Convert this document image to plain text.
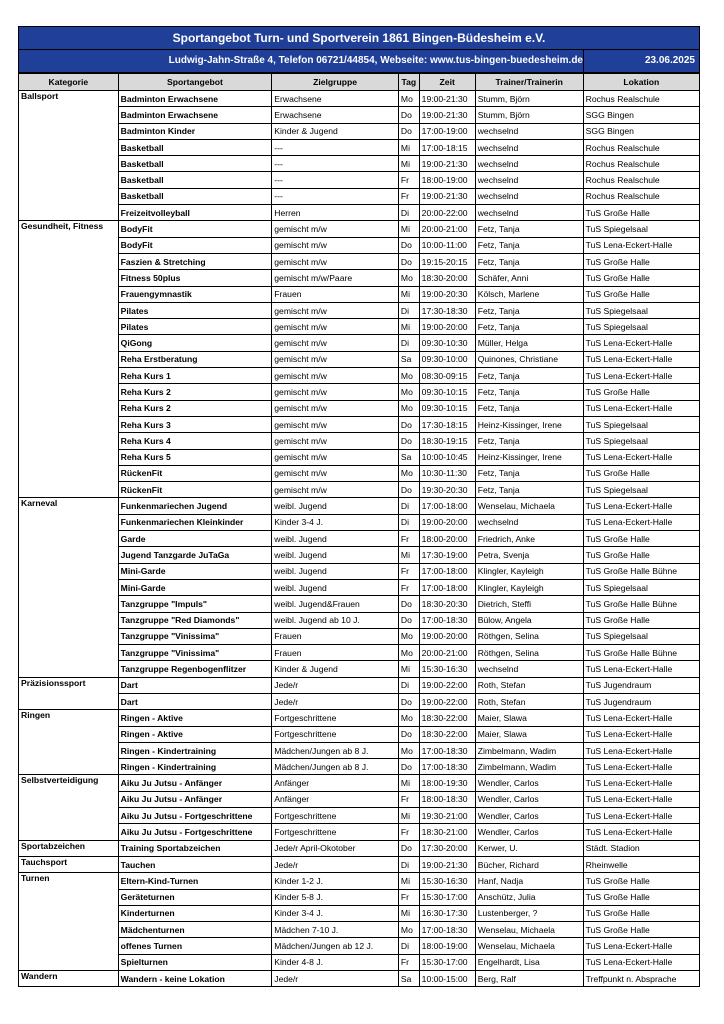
Sportangebot Turn- und Sportverein 1861 Bingen-Büdesheim e.V.
Ludwig-Jahn-Straße 4, Telefon 06721/44854, Webseite: www.tus-bingen-buedesheim.de	23.06.2025
Kategorie	Sportangebot	Zielgruppe	Tag	Zeit	Trainer/Trainerin	Lokation
Ballsport	Badminton Erwachsene	Erwachsene	Mo	19:00-21:30	Stumm, Björn	Rochus Realschule
	Badminton Erwachsene	Erwachsene	Do	19:00-21:30	Stumm, Björn	SGG Bingen
	Badminton Kinder	Kinder & Jugend	Do	17:00-19:00	wechselnd	SGG Bingen
	Basketball	---	Mi	17:00-18:15	wechselnd	Rochus Realschule
	Basketball	---	Mi	19:00-21:30	wechselnd	Rochus Realschule
	Basketball	---	Fr	18:00-19:00	wechselnd	Rochus Realschule
	Basketball	---	Fr	19:00-21:30	wechselnd	Rochus Realschule
	Freizeitvolleyball	Herren	Di	20:00-22:00	wechselnd	TuS Große Halle
Gesundheit, Fitness	BodyFit	gemischt m/w	Mi	20:00-21:00	Fetz, Tanja	TuS Spiegelsaal
	BodyFit	gemischt m/w	Do	10:00-11:00	Fetz, Tanja	TuS Lena-Eckert-Halle
	Faszien & Stretching	gemischt m/w	Do	19:15-20:15	Fetz, Tanja	TuS Große Halle
	Fitness 50plus	gemischt m/w/Paare	Mo	18:30-20:00	Schäfer, Anni	TuS Große Halle
	Frauengymnastik	Frauen	Mi	19:00-20:30	Kölsch, Marlene	TuS Große Halle
	Pilates	gemischt m/w	Di	17:30-18:30	Fetz, Tanja	TuS Spiegelsaal
	Pilates	gemischt m/w	Mi	19:00-20:00	Fetz, Tanja	TuS Spiegelsaal
	QiGong	gemischt m/w	Di	09:30-10:30	Müller, Helga	TuS Lena-Eckert-Halle
	Reha Erstberatung	gemischt m/w	Sa	09:30-10:00	Quinones, Christiane	TuS Lena-Eckert-Halle
	Reha Kurs 1	gemischt m/w	Mo	08:30-09:15	Fetz, Tanja	TuS Lena-Eckert-Halle
	Reha Kurs 2	gemischt m/w	Mo	09:30-10:15	Fetz, Tanja	TuS Große Halle
	Reha Kurs 2	gemischt m/w	Mo	09:30-10:15	Fetz, Tanja	TuS Lena-Eckert-Halle
	Reha Kurs 3	gemischt m/w	Do	17:30-18:15	Heinz-Kissinger, Irene	TuS Spiegelsaal
	Reha Kurs 4	gemischt m/w	Do	18:30-19:15	Fetz, Tanja	TuS Spiegelsaal
	Reha Kurs 5	gemischt m/w	Sa	10:00-10:45	Heinz-Kissinger, Irene	TuS Lena-Eckert-Halle
	RückenFit	gemischt m/w	Mo	10:30-11:30	Fetz, Tanja	TuS Große Halle
	RückenFit	gemischt m/w	Do	19:30-20:30	Fetz, Tanja	TuS Spiegelsaal
Karneval	Funkenmariechen Jugend	weibl. Jugend	Di	17:00-18:00	Wenselau, Michaela	TuS Lena-Eckert-Halle
	Funkenmariechen Kleinkinder	Kinder 3-4 J.	Di	19:00-20:00	wechselnd	TuS Lena-Eckert-Halle
	Garde	weibl. Jugend	Fr	18:00-20:00	Friedrich, Anke	TuS Große Halle
	Jugend Tanzgarde JuTaGa	weibl. Jugend	Mi	17:30-19:00	Petra, Svenja	TuS Große Halle
	Mini-Garde	weibl. Jugend	Fr	17:00-18:00	Klingler, Kayleigh	TuS Große Halle Bühne
	Mini-Garde	weibl. Jugend	Fr	17:00-18:00	Klingler, Kayleigh	TuS Spiegelsaal
	Tanzgruppe "Impuls"	weibl. Jugend&Frauen	Do	18:30-20:30	Dietrich, Steffi	TuS Große Halle Bühne
	Tanzgruppe "Red Diamonds"	weibl. Jugend ab 10 J.	Do	17:00-18:30	Bülow, Angela	TuS Große Halle
	Tanzgruppe "Vinissima"	Frauen	Mo	19:00-20:00	Röthgen, Selina	TuS Spiegelsaal
	Tanzgruppe "Vinissima"	Frauen	Mo	20:00-21:00	Röthgen, Selina	TuS Große Halle Bühne
	Tanzgruppe Regenbogenflitzer	Kinder & Jugend	Mi	15:30-16:30	wechselnd	TuS Lena-Eckert-Halle
Präzisionssport	Dart	Jede/r	Di	19:00-22:00	Roth, Stefan	TuS Jugendraum
	Dart	Jede/r	Do	19:00-22:00	Roth, Stefan	TuS Jugendraum
Ringen	Ringen - Aktive	Fortgeschrittene	Mo	18:30-22:00	Maier, Slawa	TuS Lena-Eckert-Halle
	Ringen - Aktive	Fortgeschrittene	Do	18:30-22:00	Maier, Slawa	TuS Lena-Eckert-Halle
	Ringen - Kindertraining	Mädchen/Jungen ab 8 J.	Mo	17:00-18:30	Zimbelmann, Wadim	TuS Lena-Eckert-Halle
	Ringen - Kindertraining	Mädchen/Jungen ab 8 J.	Do	17:00-18:30	Zimbelmann, Wadim	TuS Lena-Eckert-Halle
Selbstverteidigung	Aiku Ju Jutsu - Anfänger	Anfänger	Mi	18:00-19:30	Wendler, Carlos	TuS Lena-Eckert-Halle
	Aiku Ju Jutsu - Anfänger	Anfänger	Fr	18:00-18:30	Wendler, Carlos	TuS Lena-Eckert-Halle
	Aiku Ju Jutsu - Fortgeschrittene	Fortgeschrittene	Mi	19:30-21:00	Wendler, Carlos	TuS Lena-Eckert-Halle
	Aiku Ju Jutsu - Fortgeschrittene	Fortgeschrittene	Fr	18:30-21:00	Wendler, Carlos	TuS Lena-Eckert-Halle
Sportabzeichen	Training Sportabzeichen	Jede/r April-Okotober	Do	17:30-20:00	Kerwer, U.	Städt. Stadion
Tauchsport	Tauchen	Jede/r	Di	19:00-21:30	Bücher, Richard	Rheinwelle
Turnen	Eltern-Kind-Turnen	Kinder 1-2 J.	Mi	15:30-16:30	Hanf, Nadja	TuS Große Halle
	Geräteturnen	Kinder 5-8 J.	Fr	15:30-17:00	Anschütz, Julia	TuS Große Halle
	Kinderturnen	Kinder 3-4 J.	Mi	16:30-17:30	Lustenberger, ?	TuS Große Halle
	Mädchenturnen	Mädchen 7-10 J.	Mo	17:00-18:30	Wenselau, Michaela	TuS Große Halle
	offenes Turnen	Mädchen/Jungen ab 12 J.	Di	18:00-19:00	Wenselau, Michaela	TuS Lena-Eckert-Halle
	Spielturnen	Kinder 4-8 J.	Fr	15:30-17:00	Engelhardt, Lisa	TuS Lena-Eckert-Halle
Wandern	Wandern - keine Lokation	Jede/r	Sa	10:00-15:00	Berg, Ralf	Treffpunkt n. Absprache
